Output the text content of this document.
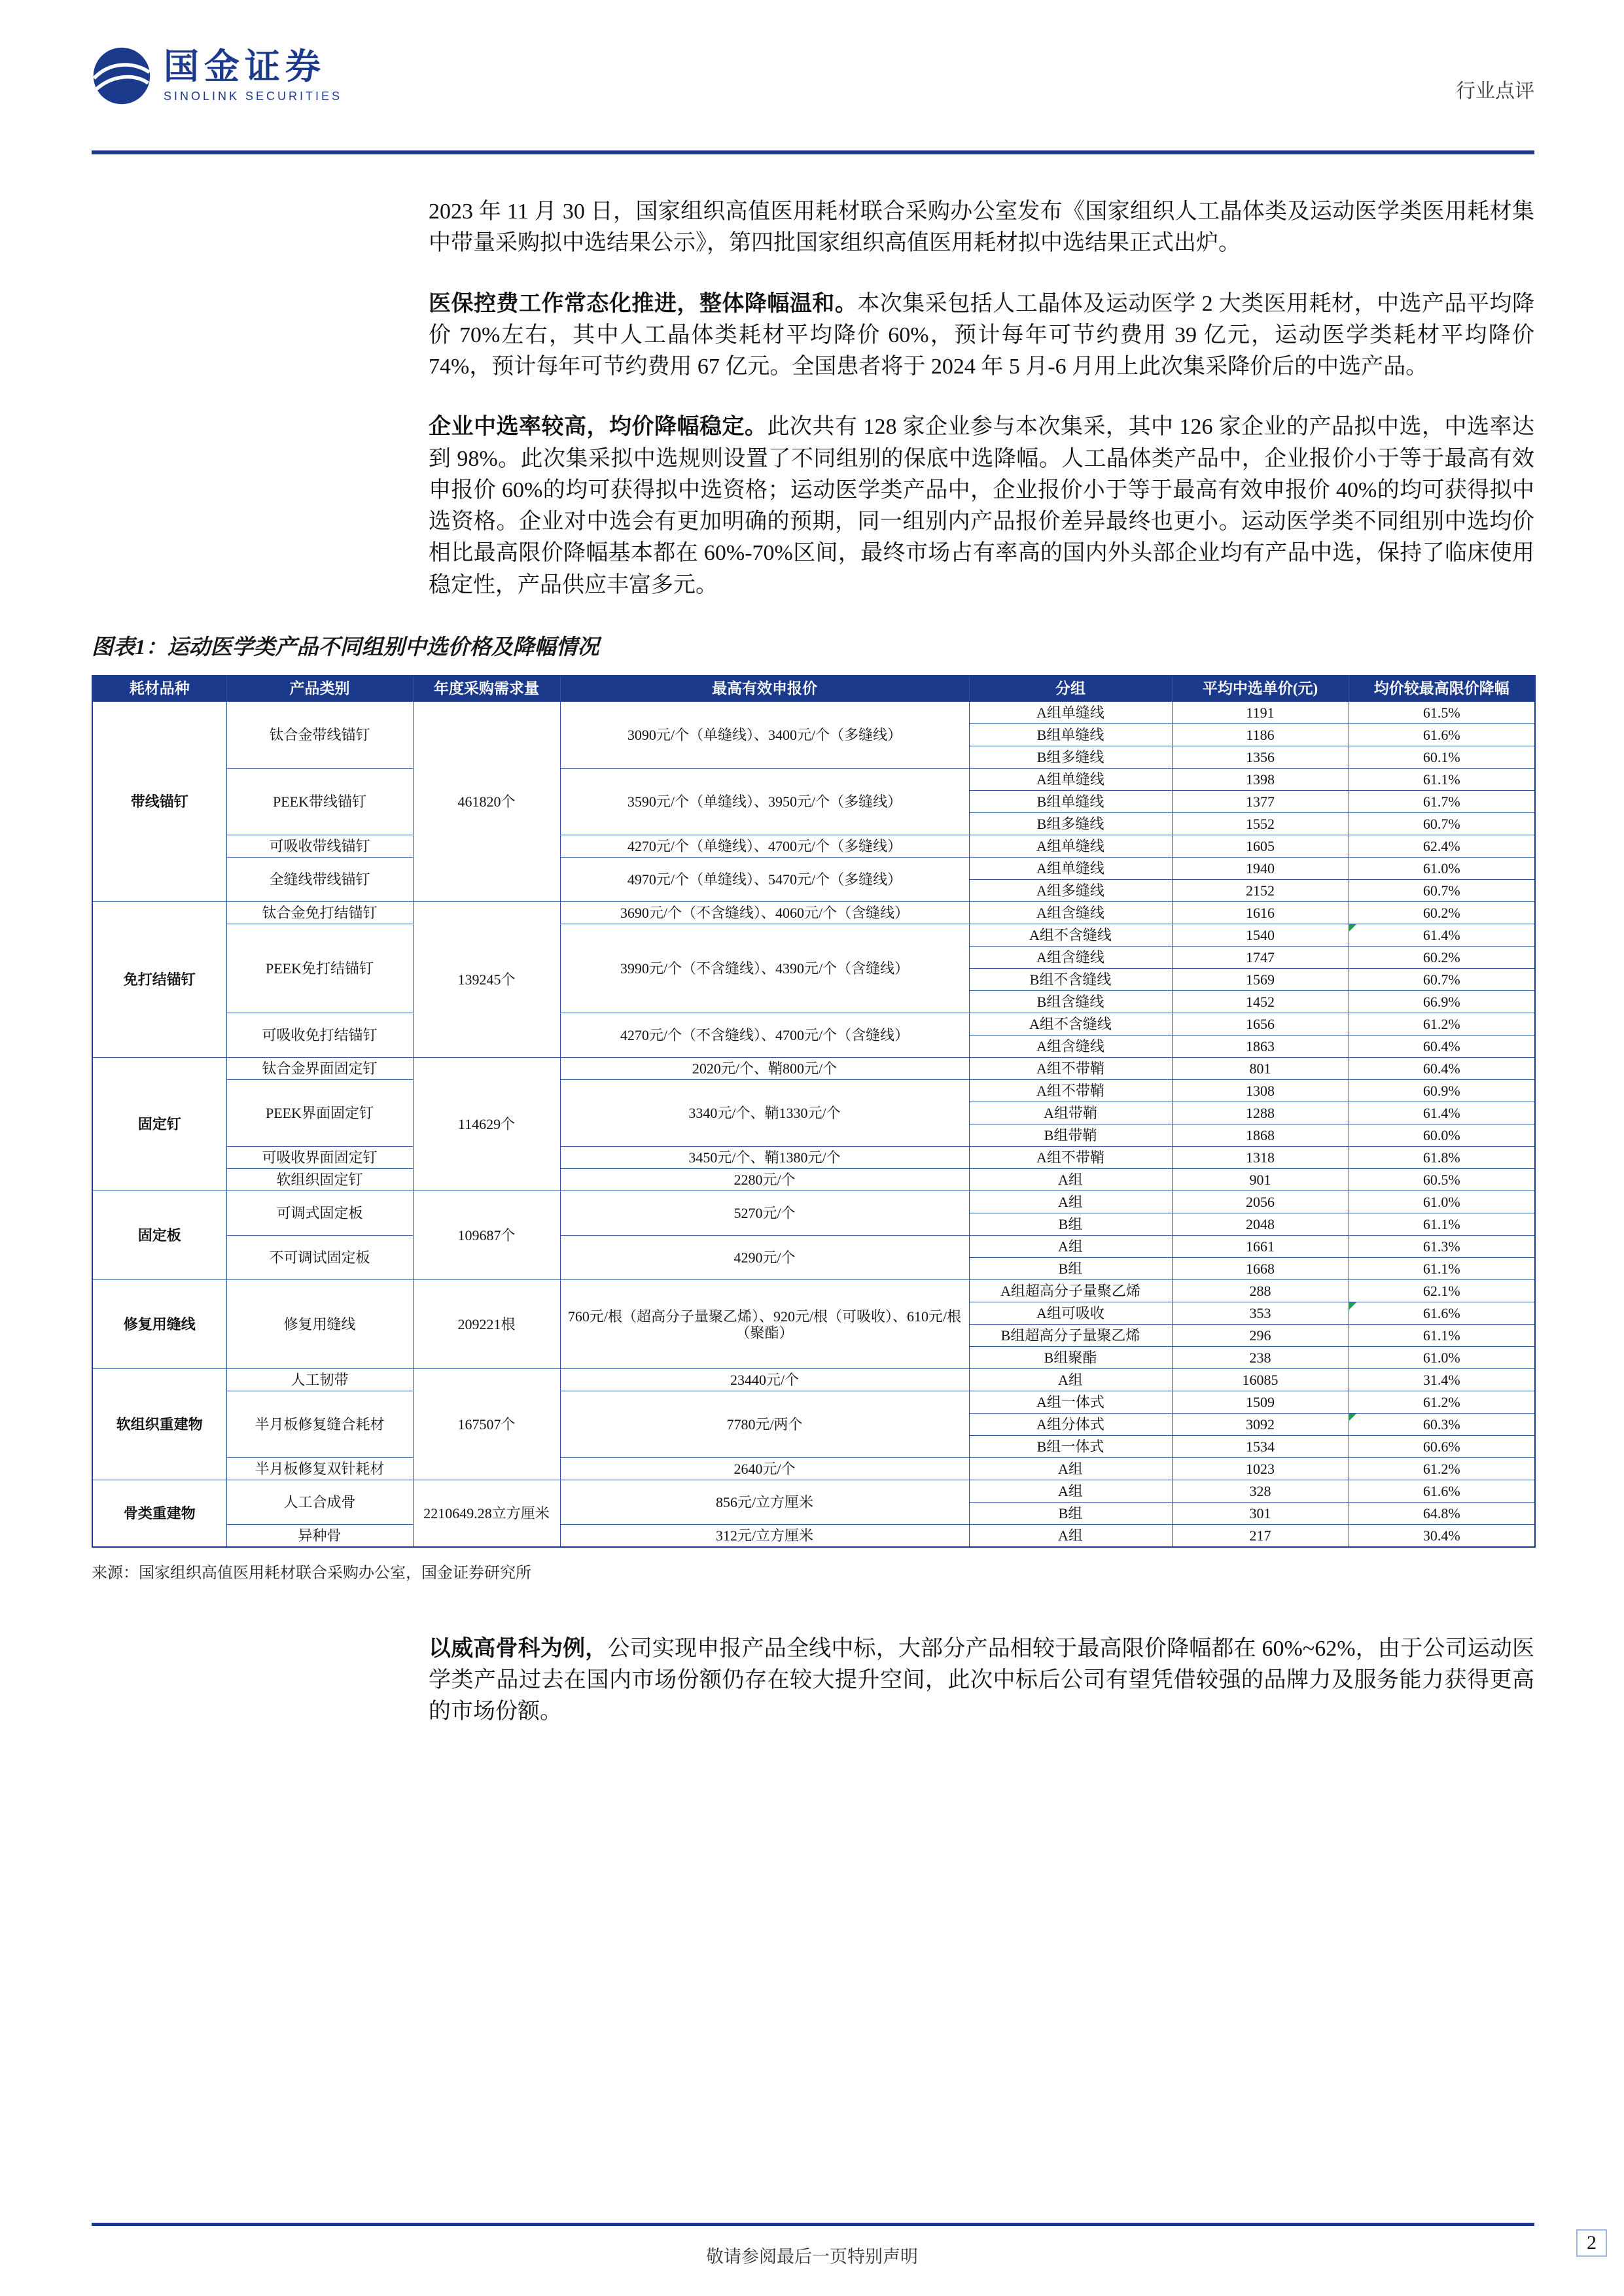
国金证券
SINOLINK SECURITIES	行业点评

2023 年 11 月 30 日，国家组织高值医用耗材联合采购办公室发布《国家组织人工晶体类及运动医学类医用耗材集中带量采购拟中选结果公示》，第四批国家组织高值医用耗材拟中选结果正式出炉。

医保控费工作常态化推进，整体降幅温和。本次集采包括人工晶体及运动医学 2 大类医用耗材，中选产品平均降价 70%左右，其中人工晶体类耗材平均降价 60%，预计每年可节约费用 39 亿元，运动医学类耗材平均降价 74%，预计每年可节约费用 67 亿元。全国患者将于 2024 年 5 月-6 月用上此次集采降价后的中选产品。

企业中选率较高，均价降幅稳定。此次共有 128 家企业参与本次集采，其中 126 家企业的产品拟中选，中选率达到 98%。此次集采拟中选规则设置了不同组别的保底中选降幅。人工晶体类产品中，企业报价小于等于最高有效申报价 60%的均可获得拟中选资格；运动医学类产品中，企业报价小于等于最高有效申报价 40%的均可获得拟中选资格。企业对中选会有更加明确的预期，同一组别内产品报价差异最终也更小。运动医学类不同组别中选均价相比最高限价降幅基本都在 60%-70%区间，最终市场占有率高的国内外头部企业均有产品中选，保持了临床使用稳定性，产品供应丰富多元。

图表1：运动医学类产品不同组别中选价格及降幅情况
耗材品种	产品类别	年度采购需求量	最高有效申报价	分组	平均中选单价(元)	均价较最高限价降幅
带线锚钉	钛合金带线锚钉	461820个	3090元/个（单缝线）、3400元/个（多缝线）	A组单缝线	1191	61.5%
				B组单缝线	1186	61.6%
				B组多缝线	1356	60.1%
	PEEK带线锚钉		3590元/个（单缝线）、3950元/个（多缝线）	A组单缝线	1398	61.1%
				B组单缝线	1377	61.7%
				B组多缝线	1552	60.7%
	可吸收带线锚钉		4270元/个（单缝线）、4700元/个（多缝线）	A组单缝线	1605	62.4%
	全缝线带线锚钉		4970元/个（单缝线）、5470元/个（多缝线）	A组单缝线	1940	61.0%
				A组多缝线	2152	60.7%
免打结锚钉	钛合金免打结锚钉	139245个	3690元/个（不含缝线）、4060元/个（含缝线）	A组含缝线	1616	60.2%
	PEEK免打结锚钉		3990元/个（不含缝线）、4390元/个（含缝线）	A组不含缝线	1540	61.4%

				A组含缝线	1747	60.2%
				B组不含缝线	1569	60.7%
				B组含缝线	1452	66.9%
	可吸收免打结锚钉		4270元/个（不含缝线）、4700元/个（含缝线）	A组不含缝线	1656	61.2%
				A组含缝线	1863	60.4%
固定钉	钛合金界面固定钉	114629个	2020元/个、鞘800元/个	A组不带鞘	801	60.4%
	PEEK界面固定钉		3340元/个、鞘1330元/个	A组不带鞘	1308	60.9%
				A组带鞘	1288	61.4%
				B组带鞘	1868	60.0%
	可吸收界面固定钉		3450元/个、鞘1380元/个	A组不带鞘	1318	61.8%
	软组织固定钉		2280元/个	A组	901	60.5%
固定板	可调式固定板	109687个	5270元/个	A组	2056	61.0%
				B组	2048	61.1%
	不可调试固定板		4290元/个	A组	1661	61.3%
				B组	1668	61.1%
修复用缝线	修复用缝线	209221根	760元/根（超高分子量聚乙烯）、920元/根（可吸收）、610元/根（聚酯）	A组超高分子量聚乙烯	288	62.1%
				A组可吸收	353	61.6%

				B组超高分子量聚乙烯	296	61.1%
				B组聚酯	238	61.0%
软组织重建物	人工韧带	167507个	23440元/个	A组	16085	31.4%
	半月板修复缝合耗材		7780元/两个	A组一体式	1509	61.2%
				A组分体式	3092	60.3%

				B组一体式	1534	60.6%
	半月板修复双针耗材		2640元/个	A组	1023	61.2%
骨类重建物	人工合成骨	2210649.28立方厘米	856元/立方厘米	A组	328	61.6%
				B组	301	64.8%
	异种骨		312元/立方厘米	A组	217	30.4%
来源：国家组织高值医用耗材联合采购办公室，国金证券研究所

以威高骨科为例，公司实现申报产品全线中标，大部分产品相较于最高限价降幅都在 60%~62%，由于公司运动医学类产品过去在国内市场份额仍存在较大提升空间，此次中标后公司有望凭借较强的品牌力及服务能力获得更高的市场份额。

敬请参阅最后一页特别声明
2
